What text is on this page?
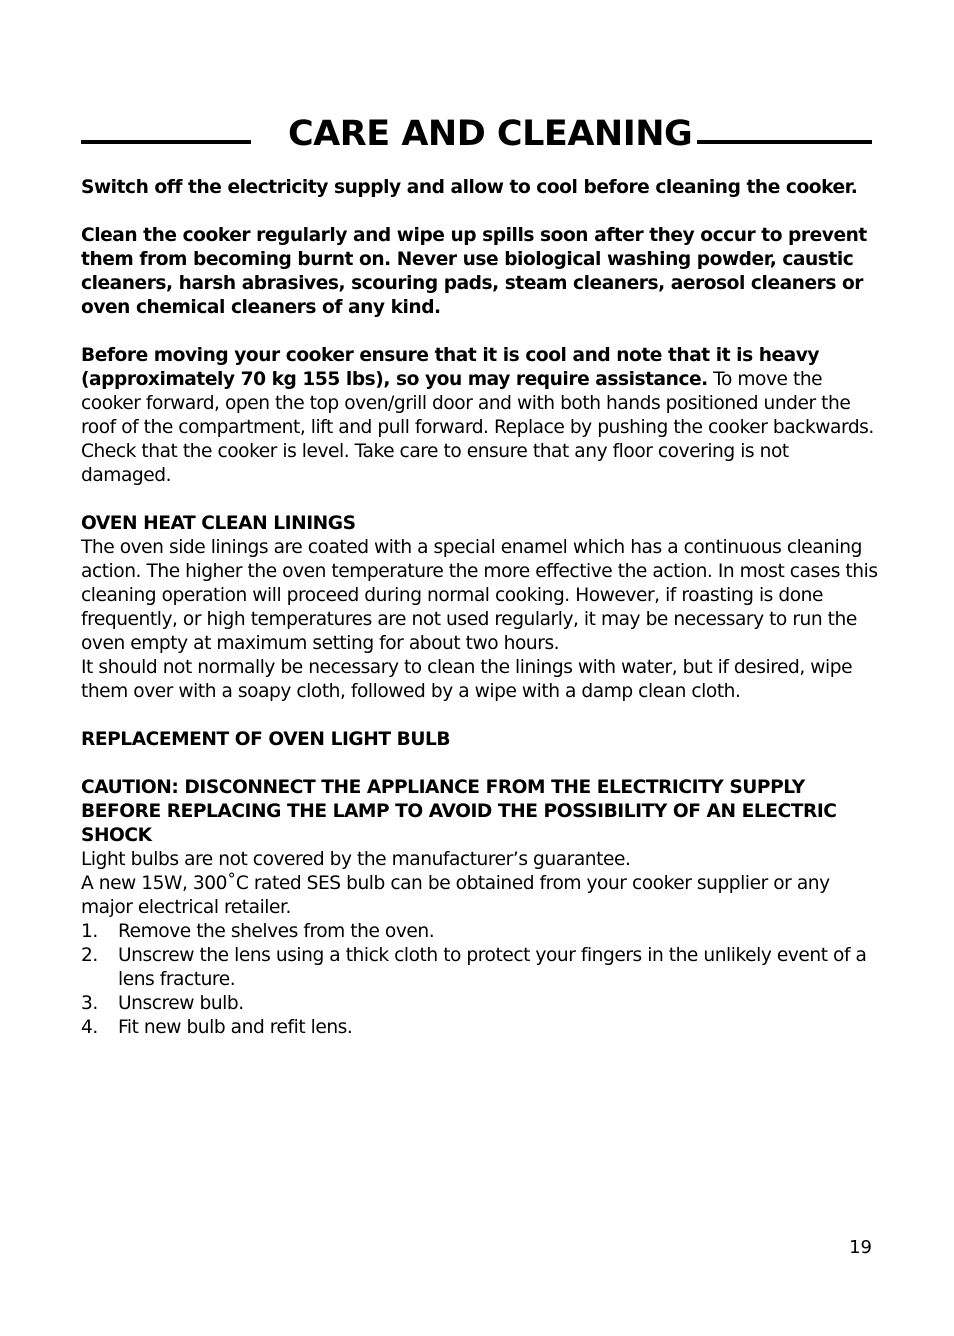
CARE AND CLEANING

Switch off the electricity supply and allow to cool before cleaning the cooker.

Clean the cooker regularly and wipe up spills soon after they occur to prevent them from becoming burnt on. Never use biological washing powder, caustic cleaners, harsh abrasives, scouring pads, steam cleaners, aerosol cleaners or oven chemical cleaners of any kind.

Before moving your cooker ensure that it is cool and note that it is heavy (approximately 70 kg 155 lbs), so you may require assistance. To move the cooker forward, open the top oven/grill door and with both hands positioned under the roof of the compartment, lift and pull forward. Replace by pushing the cooker backwards. Check that the cooker is level. Take care to ensure that any floor covering is not damaged.

OVEN HEAT CLEAN LININGS

The oven side linings are coated with a special enamel which has a continuous cleaning action. The higher the oven temperature the more effective the action. In most cases this cleaning operation will proceed during normal cooking. However, if roasting is done frequently, or high temperatures are not used regularly, it may be necessary to run the oven empty at maximum setting for about two hours.

It should not normally be necessary to clean the linings with water, but if desired, wipe them over with a soapy cloth, followed by a wipe with a damp clean cloth.

REPLACEMENT OF OVEN LIGHT BULB

CAUTION: DISCONNECT THE APPLIANCE FROM THE ELECTRICITY SUPPLY BEFORE REPLACING THE LAMP TO AVOID THE POSSIBILITY OF AN ELECTRIC SHOCK

Light bulbs are not covered by the manufacturer’s guarantee.

A new 15W, 300˚C rated SES bulb can be obtained from your cooker supplier or any major electrical retailer.

1. Remove the shelves from the oven.
2. Unscrew the lens using a thick cloth to protect your fingers in the unlikely event of a lens fracture.
3. Unscrew bulb.
4. Fit new bulb and refit lens.
19
